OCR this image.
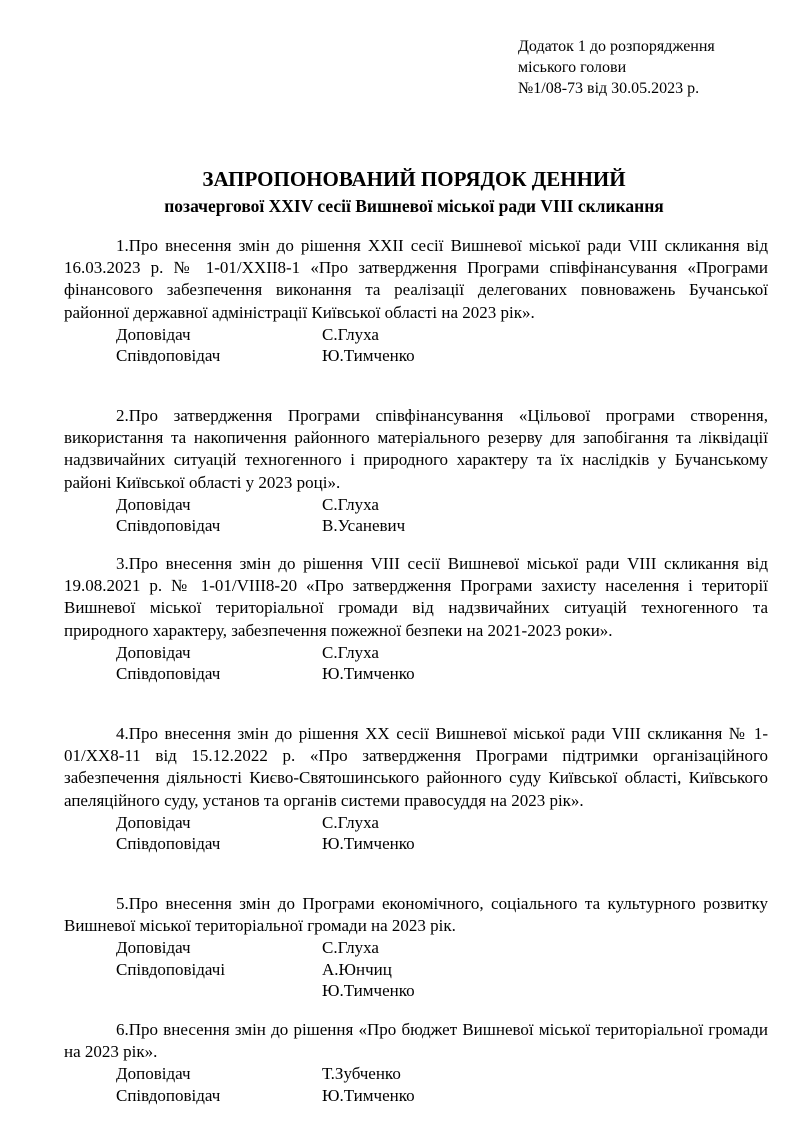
Додаток 1 до розпорядження
міського голови
№1/08-73 від 30.05.2023 р.
ЗАПРОПОНОВАНИЙ ПОРЯДОК ДЕННИЙ
позачергової XXIV сесії Вишневої міської ради VIII скликання

1.Про внесення змін до рішення XXII сесії Вишневої міської ради VIII скликання від 16.03.2023 р. № 1-01/XXII8-1 «Про затвердження Програми співфінансування «Програми фінансового забезпечення виконання та реалізації делегованих повноважень Бучанської районної державної адміністрації Київської області на 2023 рік».

Доповідач	С.Глуха
Співдоповідач	Ю.Тимченко

2.Про затвердження Програми співфінансування «Цільової програми створення, використання та накопичення районного матеріального резерву для запобігання та ліквідації надзвичайних ситуацій техногенного і природного характеру та їх наслідків у Бучанському районі Київської області у 2023 році».

Доповідач	С.Глуха
Співдоповідач	В.Усаневич

3.Про внесення змін до рішення VIII сесії Вишневої міської ради VIII скликання від 19.08.2021 р. № 1-01/VIII8-20 «Про затвердження Програми захисту населення і території Вишневої міської територіальної громади від надзвичайних ситуацій техногенного та природного характеру, забезпечення пожежної безпеки на 2021-2023 роки».

Доповідач	С.Глуха
Співдоповідач	Ю.Тимченко

4.Про внесення змін до рішення XX сесії Вишневої міської ради VIII скликання № 1-01/XX8-11 від 15.12.2022 р. «Про затвердження Програми підтримки організаційного забезпечення діяльності Києво-Святошинського районного суду Київської області, Київського апеляційного суду, установ та органів системи правосуддя на 2023 рік».

Доповідач	С.Глуха
Співдоповідач	Ю.Тимченко

5.Про внесення змін до Програми економічного, соціального та культурного розвитку Вишневої міської територіальної громади на 2023 рік.

Доповідач	С.Глуха
Співдоповідачі	А.Юнчиц
Ю.Тимченко

6.Про внесення змін до рішення «Про бюджет Вишневої міської територіальної громади на 2023 рік».

Доповідач	Т.Зубченко
Співдоповідач	Ю.Тимченко
